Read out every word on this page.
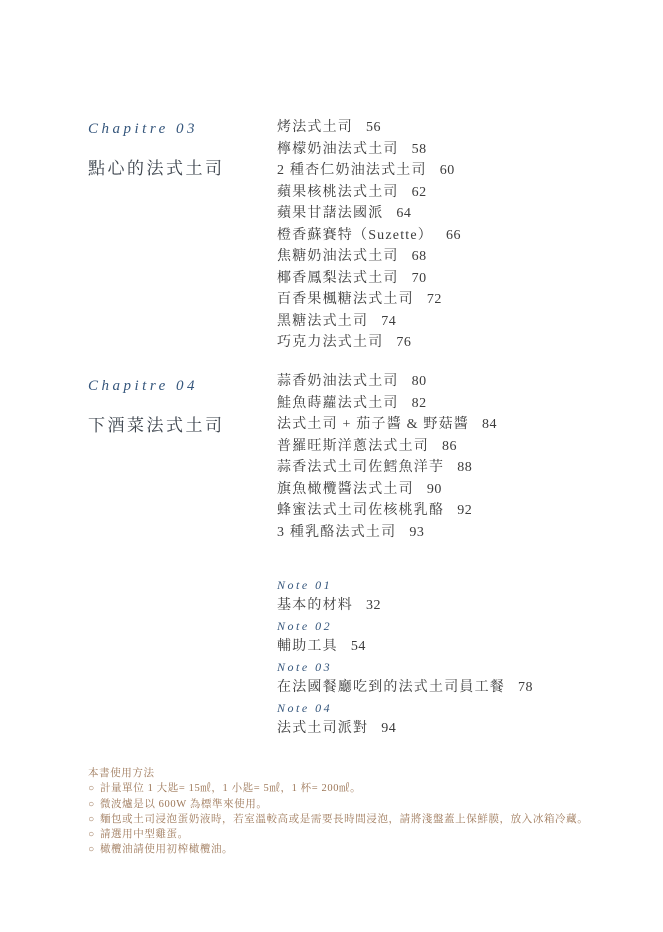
Chapitre 03
點心的法式土司
烤法式土司 56
檸檬奶油法式土司 58
2 種杏仁奶油法式土司 60
蘋果核桃法式土司 62
蘋果甘藷法國派 64
橙香蘇賽特（Suzette） 66
焦糖奶油法式土司 68
椰香鳳梨法式土司 70
百香果楓糖法式土司 72
黑糖法式土司 74
巧克力法式土司 76
Chapitre 04
下酒菜法式土司
蒜香奶油法式土司 80
鮭魚蒔蘿法式土司 82
法式土司 + 茄子醬 & 野菇醬 84
普羅旺斯洋蔥法式土司 86
蒜香法式土司佐鱈魚洋芋 88
旗魚橄欖醬法式土司 90
蜂蜜法式土司佐核桃乳酪 92
3 種乳酪法式土司 93
Note 01
基本的材料 32
Note 02
輔助工具 54
Note 03
在法國餐廳吃到的法式土司員工餐 78
Note 04
法式土司派對 94
本書使用方法
○ 計量單位 1 大匙= 15㎖，1 小匙= 5㎖，1 杯= 200㎖。
○ 微波爐是以 600W 為標準來使用。
○ 麵包或土司浸泡蛋奶液時，若室溫較高或是需要長時間浸泡，請將淺盤蓋上保鮮膜，放入冰箱冷藏。
○ 請選用中型雞蛋。
○ 橄欖油請使用初榨橄欖油。
